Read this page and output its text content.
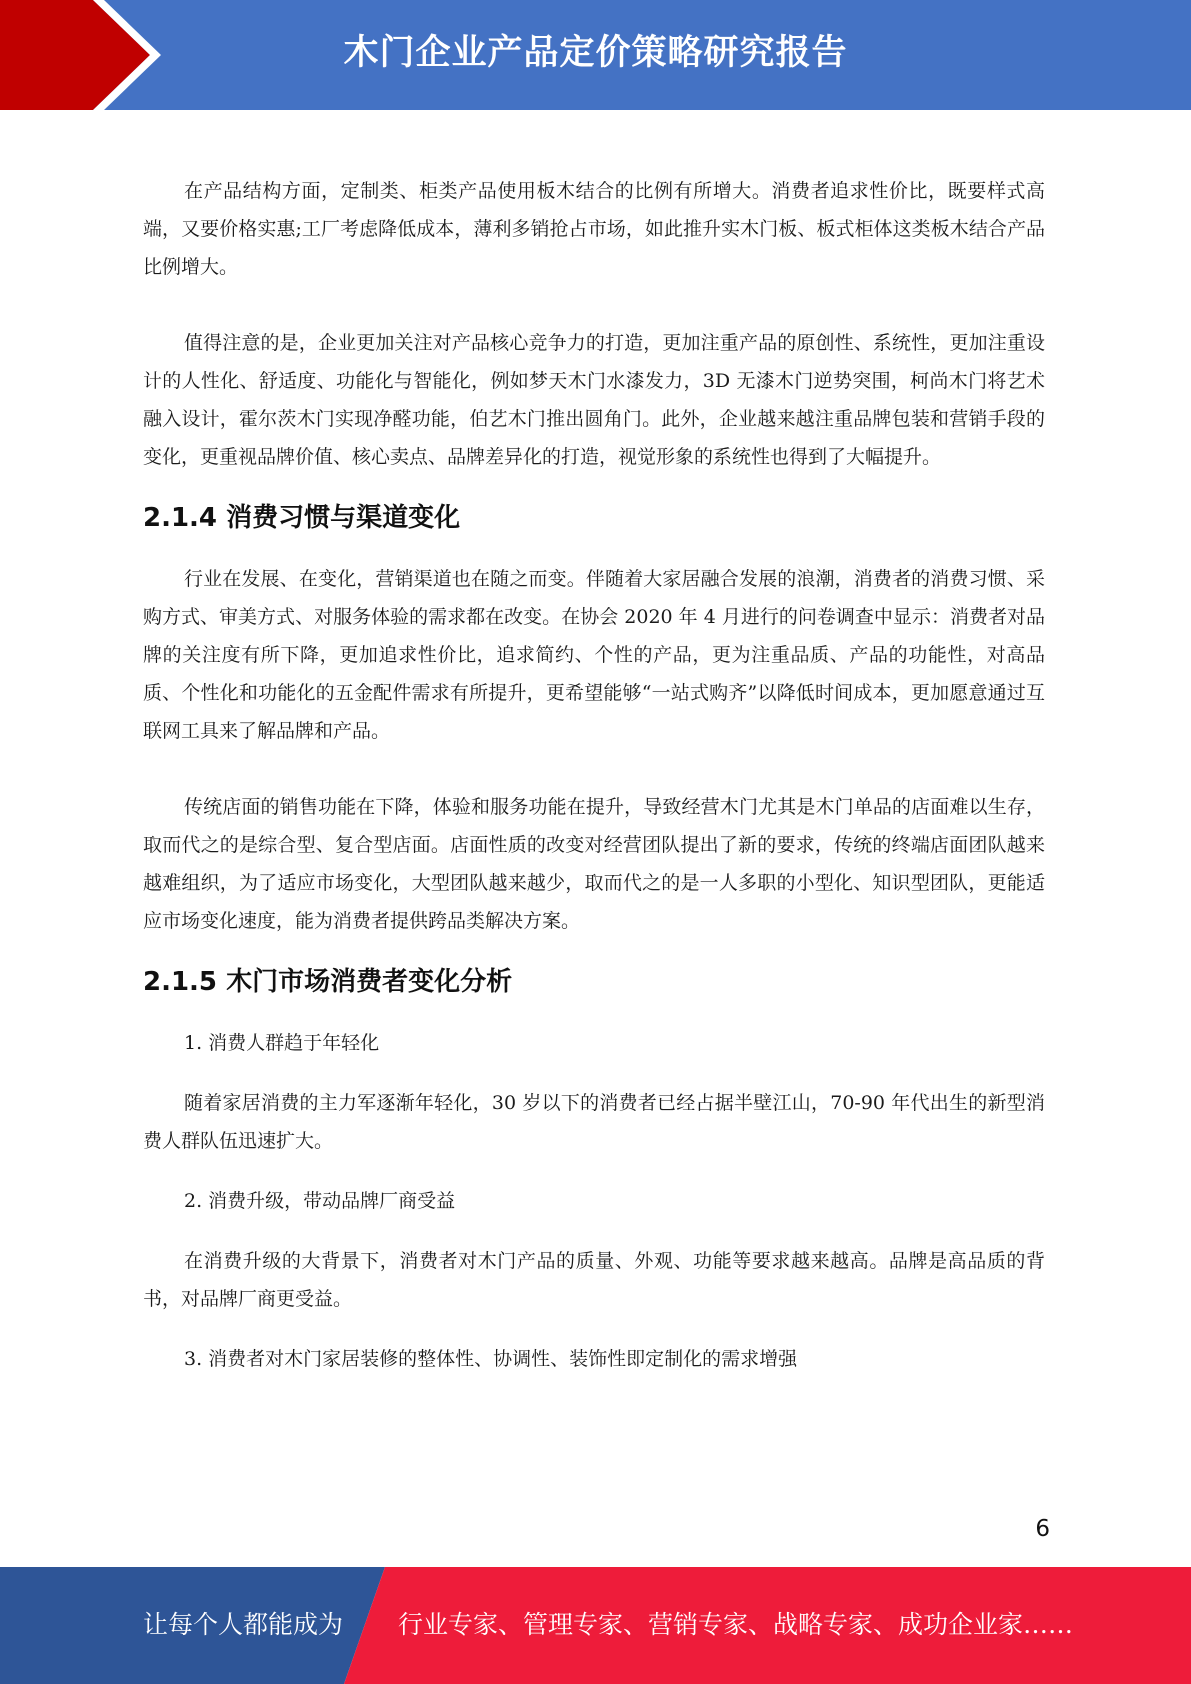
木门企业产品定价策略研究报告

在产品结构方面，定制类、柜类产品使用板木结合的比例有所增大。消费者追求性价比，既要样式高端，又要价格实惠;工厂考虑降低成本，薄利多销抢占市场，如此推升实木门板、板式柜体这类板木结合产品比例增大。

值得注意的是，企业更加关注对产品核心竞争力的打造，更加注重产品的原创性、系统性，更加注重设计的人性化、舒适度、功能化与智能化，例如梦天木门水漆发力，3D 无漆木门逆势突围，柯尚木门将艺术融入设计，霍尔茨木门实现净醛功能，伯艺木门推出圆角门。此外，企业越来越注重品牌包装和营销手段的变化，更重视品牌价值、核心卖点、品牌差异化的打造，视觉形象的系统性也得到了大幅提升。

2.1.4 消费习惯与渠道变化

行业在发展、在变化，营销渠道也在随之而变。伴随着大家居融合发展的浪潮，消费者的消费习惯、采购方式、审美方式、对服务体验的需求都在改变。在协会 2020 年 4 月进行的问卷调查中显示：消费者对品牌的关注度有所下降，更加追求性价比，追求简约、个性的产品，更为注重品质、产品的功能性，对高品质、个性化和功能化的五金配件需求有所提升，更希望能够“一站式购齐”以降低时间成本，更加愿意通过互联网工具来了解品牌和产品。

传统店面的销售功能在下降，体验和服务功能在提升，导致经营木门尤其是木门单品的店面难以生存，取而代之的是综合型、复合型店面。店面性质的改变对经营团队提出了新的要求，传统的终端店面团队越来越难组织，为了适应市场变化，大型团队越来越少，取而代之的是一人多职的小型化、知识型团队，更能适应市场变化速度，能为消费者提供跨品类解决方案。

2.1.5 木门市场消费者变化分析

1. 消费人群趋于年轻化

随着家居消费的主力军逐渐年轻化，30 岁以下的消费者已经占据半壁江山，70-90 年代出生的新型消费人群队伍迅速扩大。

2. 消费升级，带动品牌厂商受益

在消费升级的大背景下，消费者对木门产品的质量、外观、功能等要求越来越高。品牌是高品质的背书，对品牌厂商更受益。

3. 消费者对木门家居装修的整体性、协调性、装饰性即定制化的需求增强

6
让每个人都能成为 行业专家、管理专家、营销专家、战略专家、成功企业家……
